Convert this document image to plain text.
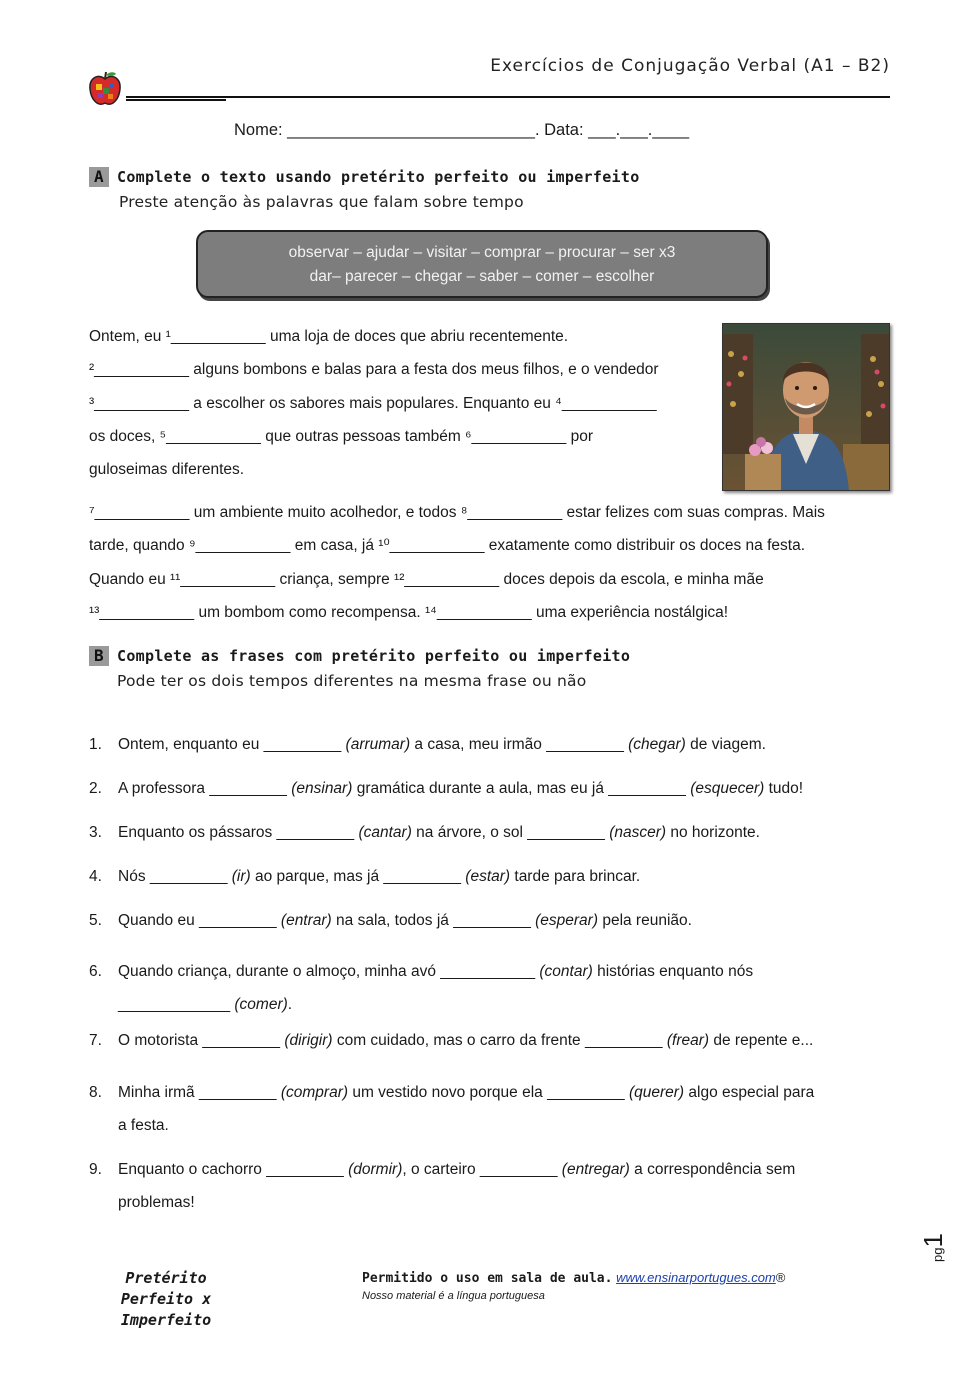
Exercícios de Conjugação Verbal (A1 – B2)
Nome: ___________________________. Data: ___.___.____
A Complete o texto usando pretérito perfeito ou imperfeito
Preste atenção às palavras que falam sobre tempo
observar – ajudar – visitar – comprar – procurar – ser x3
dar– parecer – chegar – saber – comer – escolher
Ontem, eu ¹___________ uma loja de doces que abriu recentemente.
²___________ alguns bombons e balas para a festa dos meus filhos, e o vendedor
³___________ a escolher os sabores mais populares. Enquanto eu ⁴___________
os doces, ⁵___________ que outras pessoas também ⁶___________ por
guloseimas diferentes.
⁷___________ um ambiente muito acolhedor, e todos ⁸___________ estar felizes com suas compras. Mais
tarde, quando ⁹___________ em casa, já ¹⁰___________ exatamente como distribuir os doces na festa.
Quando eu ¹¹___________ criança, sempre ¹²___________ doces depois da escola, e minha mãe
¹³___________ um bombom como recompensa. ¹⁴___________ uma experiência nostálgica!
B Complete as frases com pretérito perfeito ou imperfeito
Pode ter os dois tempos diferentes na mesma frase ou não
1. Ontem, enquanto eu _________ (arrumar) a casa, meu irmão _________ (chegar) de viagem.
2. A professora _________ (ensinar) gramática durante a aula, mas eu já _________ (esquecer) tudo!
3. Enquanto os pássaros _________ (cantar) na árvore, o sol _________ (nascer) no horizonte.
4. Nós _________ (ir) ao parque, mas já _________ (estar) tarde para brincar.
5. Quando eu _________ (entrar) na sala, todos já _________ (esperar) pela reunião.
6. Quando criança, durante o almoço, minha avó ___________ (contar) histórias enquanto nós
_____________ (comer).
7. O motorista _________ (dirigir) com cuidado, mas o carro da frente _________ (frear) de repente e...
8. Minha irmã _________ (comprar) um vestido novo porque ela _________ (querer) algo especial para
a festa.
9. Enquanto o cachorro _________ (dormir), o carteiro _________ (entregar) a correspondência sem
problemas!
Pretérito
Perfeito x
Imperfeito
Permitido o uso em sala de aula. www.ensinarportugues.com®
Nosso material é a língua portuguesa
pg1
